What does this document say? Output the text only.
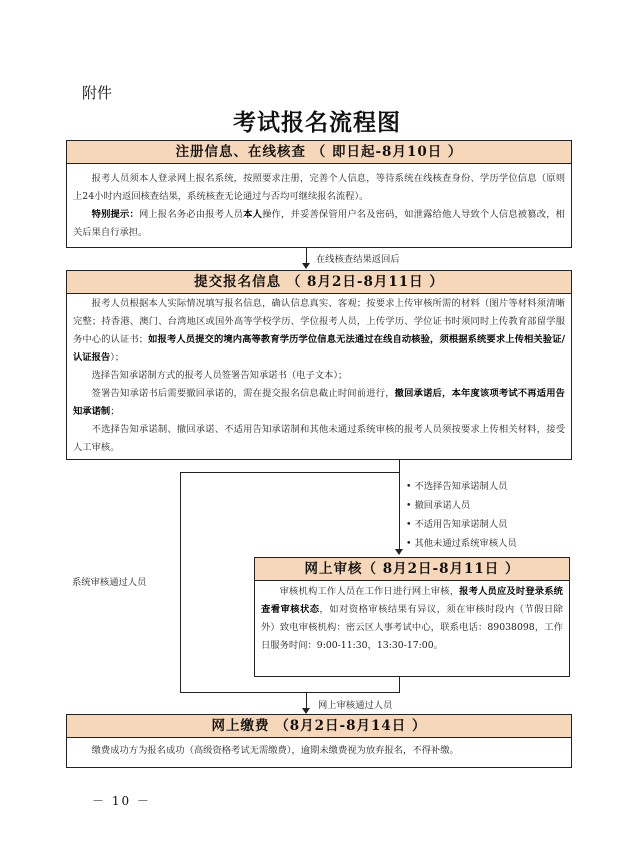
附件
考试报名流程图
注册信息、在线核查 （ 即日起-8月10日 ）

报考人员须本人登录网上报名系统，按照要求注册，完善个人信息，等待系统在线核查身份、学历学位信息（原则上24小时内返回核查结果，系统核查无论通过与否均可继续报名流程）。

特别提示：网上报名务必由报考人员本人操作，并妥善保管用户名及密码，如泄露给他人导致个人信息被篡改，相关后果自行承担。

在线核查结果返回后
提交报名信息 （ 8月2日-8月11日 ）

报考人员根据本人实际情况填写报名信息，确认信息真实、客观；按要求上传审核所需的材料（图片等材料须清晰完整；持香港、澳门、台湾地区或国外高等学校学历、学位报考人员，上传学历、学位证书时须同时上传教育部留学服务中心的认证书；如报考人员提交的境内高等教育学历学位信息无法通过在线自动核验，须根据系统要求上传相关验证/认证报告）；

选择告知承诺制方式的报考人员签署告知承诺书（电子文本）；

签署告知承诺书后需要撤回承诺的，需在提交报名信息截止时间前进行，撤回承诺后，本年度该项考试不再适用告知承诺制；

不选择告知承诺制、撤回承诺、不适用告知承诺制和其他未通过系统审核的报考人员须按要求上传相关材料，接受人工审核。

• 不选择告知承诺制人员
• 撤回承诺人员
• 不适用告知承诺制人员
• 其他未通过系统审核人员
系统审核通过人员
网上审核（ 8月2日-8月11日 ）

审核机构工作人员在工作日进行网上审核，报考人员应及时登录系统查看审核状态，如对资格审核结果有异议，须在审核时段内（节假日除外）致电审核机构：密云区人事考试中心，联系电话：89038098，工作日服务时间：9:00-11:30，13:30-17:00。

网上审核通过人员
网上缴费 （8月2日-8月14日 ）

缴费成功方为报名成功（高级资格考试无需缴费），逾期未缴费视为放弃报名，不得补缴。

－ 10 －
